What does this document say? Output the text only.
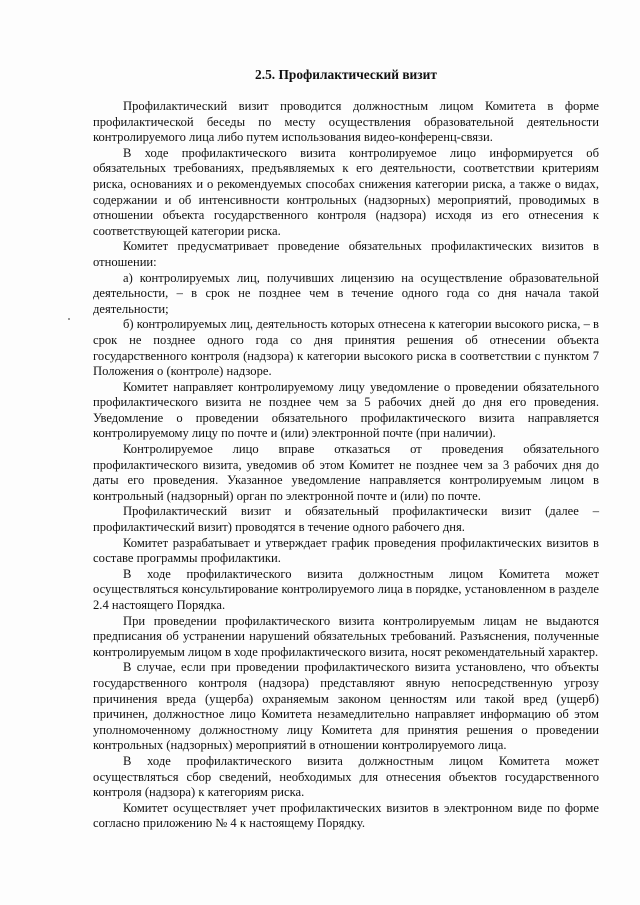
2.5. Профилактический визит

Профилактический визит проводится должностным лицом Комитета в форме профилактической беседы по месту осуществления образовательной деятельности контролируемого лица либо путем использования видео-конференц-связи.

В ходе профилактического визита контролируемое лицо информируется об обязательных требованиях, предъявляемых к его деятельности, соответствии критериям риска, основаниях и о рекомендуемых способах снижения категории риска, а также о видах, содержании и об интенсивности контрольных (надзорных) мероприятий, проводимых в отношении объекта государственного контроля (надзора) исходя из его отнесения к соответствующей категории риска.

Комитет предусматривает проведение обязательных профилактических визитов в отношении:

а) контролируемых лиц, получивших лицензию на осуществление образовательной деятельности, – в срок не позднее чем в течение одного года со дня начала такой деятельности;

б) контролируемых лиц, деятельность которых отнесена к категории высокого риска, – в срок не позднее одного года со дня принятия решения об отнесении объекта государственного контроля (надзора) к категории высокого риска в соответствии с пунктом 7 Положения о (контроле) надзоре.

Комитет направляет контролируемому лицу уведомление о проведении обязательного профилактического визита не позднее чем за 5 рабочих дней до дня его проведения. Уведомление о проведении обязательного профилактического визита направляется контролируемому лицу по почте и (или) электронной почте (при наличии).

Контролируемое лицо вправе отказаться от проведения обязательного профилактического визита, уведомив об этом Комитет не позднее чем за 3 рабочих дня до даты его проведения. Указанное уведомление направляется контролируемым лицом в контрольный (надзорный) орган по электронной почте и (или) по почте.

Профилактический визит и обязательный профилактически визит (далее – профилактический визит) проводятся в течение одного рабочего дня.

Комитет разрабатывает и утверждает график проведения профилактических визитов в составе программы профилактики.

В ходе профилактического визита должностным лицом Комитета может осуществляться консультирование контролируемого лица в порядке, установленном в разделе 2.4 настоящего Порядка.

При проведении профилактического визита контролируемым лицам не выдаются предписания об устранении нарушений обязательных требований. Разъяснения, полученные контролируемым лицом в ходе профилактического визита, носят рекомендательный характер.

В случае, если при проведении профилактического визита установлено, что объекты государственного контроля (надзора) представляют явную непосредственную угрозу причинения вреда (ущерба) охраняемым законом ценностям или такой вред (ущерб) причинен, должностное лицо Комитета незамедлительно направляет информацию об этом уполномоченному должностному лицу Комитета для принятия решения о проведении контрольных (надзорных) мероприятий в отношении контролируемого лица.

В ходе профилактического визита должностным лицом Комитета может осуществляться сбор сведений, необходимых для отнесения объектов государственного контроля (надзора) к категориям риска.

Комитет осуществляет учет профилактических визитов в электронном виде по форме согласно приложению № 4 к настоящему Порядку.
